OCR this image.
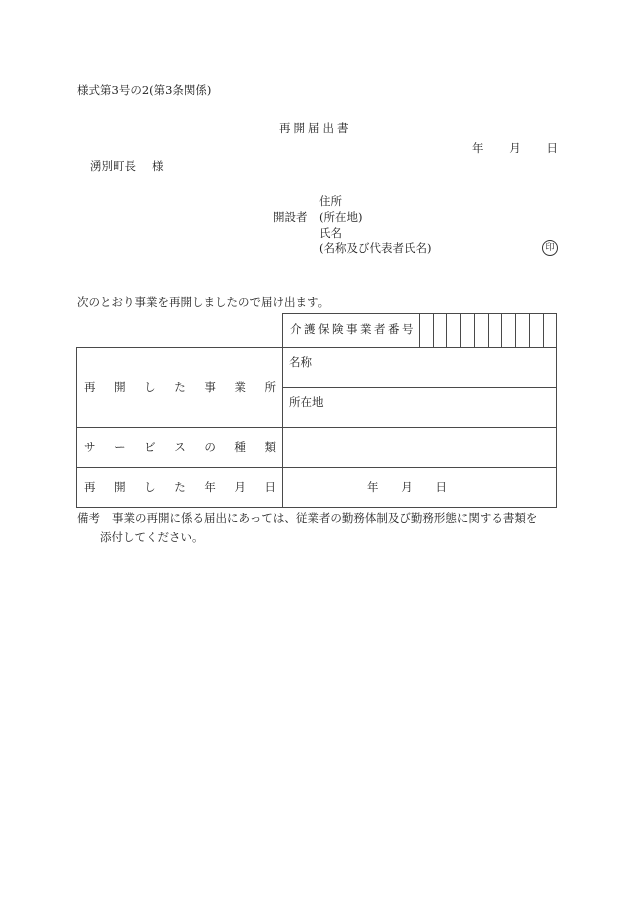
様式第3号の2(第3条関係)
再開届出書
年 月 日
湧別町長 様
開設者
住所
(所在地)
氏名
(名称及び代表者氏名)	印
次のとおり事業を再開しましたので届け出ます。
介護保険事業者番号
再 開 し た 事 業 所
名称
所在地
サ ー ビ ス の 種 類
再 開 し た 年 月 日	年 月 日
備考 事業の再開に係る届出にあっては、従業者の勤務体制及び勤務形態に関する書類を
添付してください。
